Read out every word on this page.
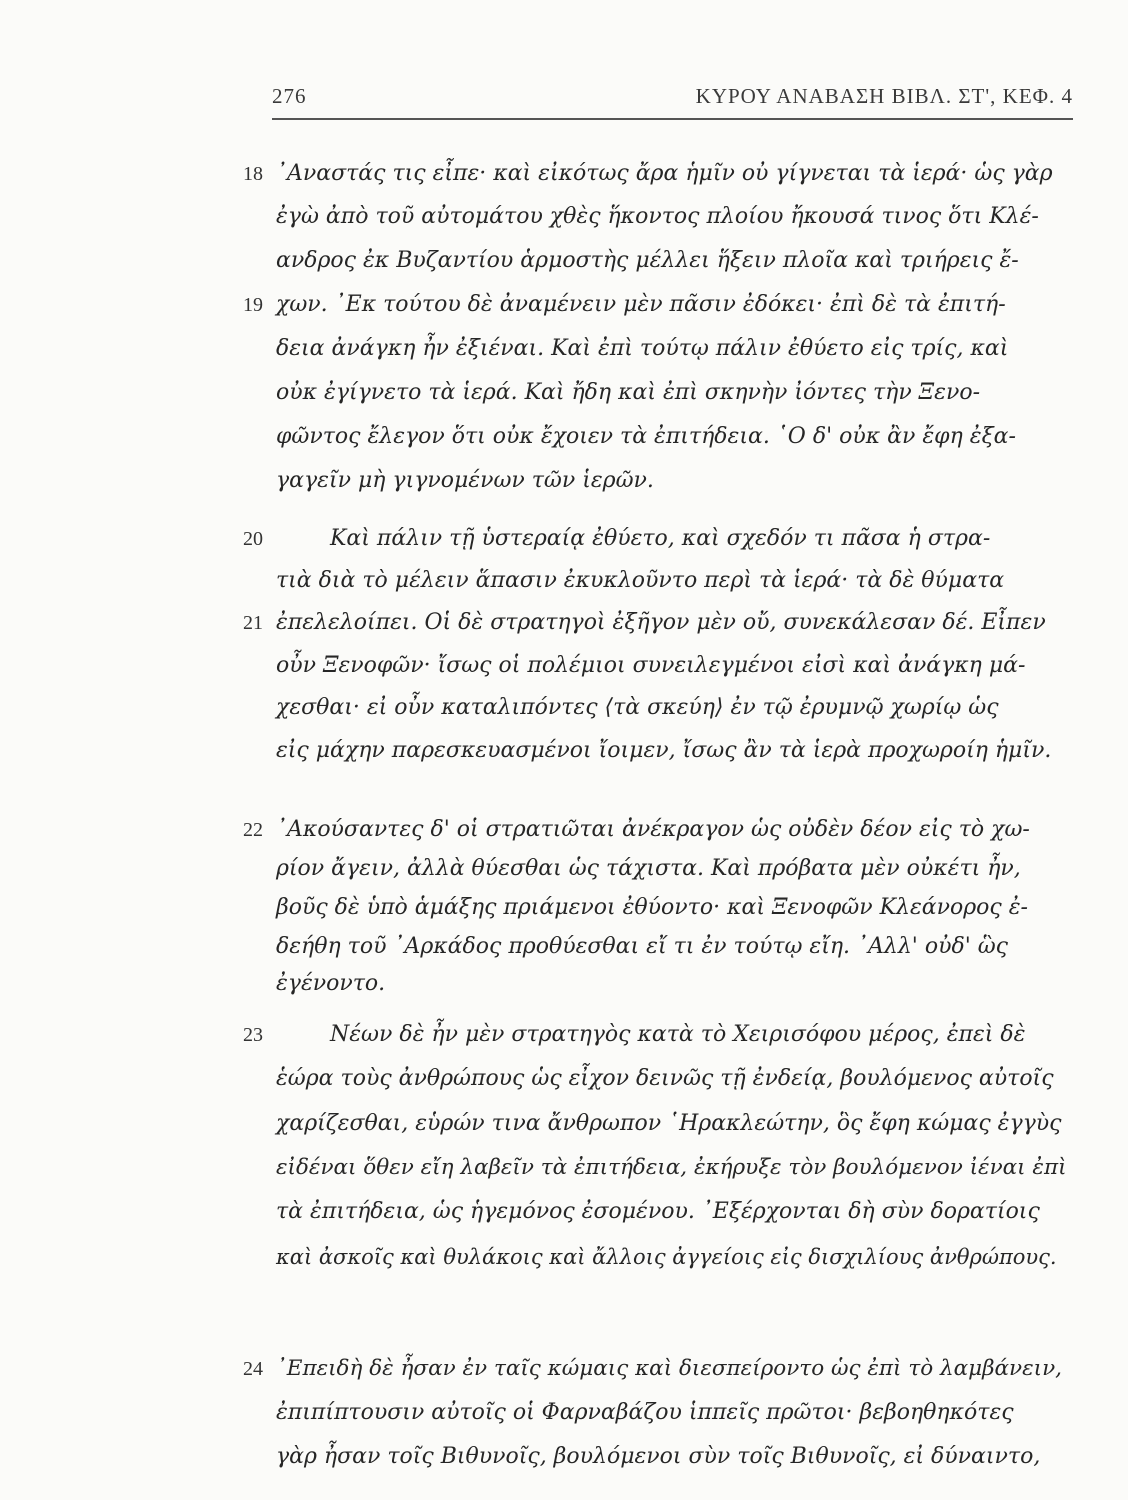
276	ΚΥΡΟΥ ΑΝΑΒΑΣΗ ΒΙΒΛ. ΣΤ', ΚΕΦ. 4
18
19
20
21
22
23
24
᾿Αναστάς τις εἶπε· καὶ εἰκότως ἄρα ἡμῖν οὐ γίγνεται τὰ ἱερά· ὡς γὰρ
ἐγὼ ἀπὸ τοῦ αὐτομάτου χθὲς ἥκοντος πλοίου ἤκουσά τινος ὅτι Κλέ-
ανδρος ἐκ Βυζαντίου ἁρμοστὴς μέλλει ἥξειν πλοῖα καὶ τριήρεις ἔ-
χων. ᾿Εκ τούτου δὲ ἀναμένειν μὲν πᾶσιν ἐδόκει· ἐπὶ δὲ τὰ ἐπιτή-
δεια ἀνάγκη ἦν ἐξιέναι. Καὶ ἐπὶ τούτῳ πάλιν ἐθύετο εἰς τρίς, καὶ
οὐκ ἐγίγνετο τὰ ἱερά. Καὶ ἤδη καὶ ἐπὶ σκηνὴν ἰόντες τὴν Ξενο-
φῶντος ἔλεγον ὅτι οὐκ ἔχοιεν τὰ ἐπιτήδεια. ῾Ο δ' οὐκ ἂν ἔφη ἐξα-
γαγεῖν μὴ γιγνομένων τῶν ἱερῶν.
Καὶ πάλιν τῇ ὑστεραίᾳ ἐθύετο, καὶ σχεδόν τι πᾶσα ἡ στρα-
τιὰ διὰ τὸ μέλειν ἅπασιν ἐκυκλοῦντο περὶ τὰ ἱερά· τὰ δὲ θύματα
ἐπελελοίπει. Οἱ δὲ στρατηγοὶ ἐξῆγον μὲν οὔ, συνεκάλεσαν δέ. Εἶπεν
οὖν Ξενοφῶν· ἴσως οἱ πολέμιοι συνειλεγμένοι εἰσὶ καὶ ἀνάγκη μά-
χεσθαι· εἰ οὖν καταλιπόντες ⟨τὰ σκεύη⟩ ἐν τῷ ἐρυμνῷ χωρίῳ ὡς
εἰς μάχην παρεσκευασμένοι ἴοιμεν, ἴσως ἂν τὰ ἱερὰ προχωροίη ἡμῖν.
᾿Ακούσαντες δ' οἱ στρατιῶται ἀνέκραγον ὡς οὐδὲν δέον εἰς τὸ χω-
ρίον ἄγειν, ἀλλὰ θύεσθαι ὡς τάχιστα. Καὶ πρόβατα μὲν οὐκέτι ἦν,
βοῦς δὲ ὑπὸ ἁμάξης πριάμενοι ἐθύοντο· καὶ Ξενοφῶν Κλεάνορος ἐ-
δεήθη τοῦ ᾿Αρκάδος προθύεσθαι εἴ τι ἐν τούτῳ εἴη. ᾿Αλλ' οὐδ' ὣς
ἐγένοντο.
Νέων δὲ ἦν μὲν στρατηγὸς κατὰ τὸ Χειρισόφου μέρος, ἐπεὶ δὲ
ἑώρα τοὺς ἀνθρώπους ὡς εἶχον δεινῶς τῇ ἐνδείᾳ, βουλόμενος αὐτοῖς
χαρίζεσθαι, εὑρών τινα ἄνθρωπον ῾Ηρακλεώτην, ὃς ἔφη κώμας ἐγγὺς
εἰδέναι ὅθεν εἴη λαβεῖν τὰ ἐπιτήδεια, ἐκήρυξε τὸν βουλόμενον ἰέναι ἐπὶ
τὰ ἐπιτήδεια, ὡς ἡγεμόνος ἐσομένου. ᾿Εξέρχονται δὴ σὺν δορατίοις
καὶ ἀσκοῖς καὶ θυλάκοις καὶ ἄλλοις ἀγγείοις εἰς δισχιλίους ἀνθρώπους.
᾿Επειδὴ δὲ ἦσαν ἐν ταῖς κώμαις καὶ διεσπείροντο ὡς ἐπὶ τὸ λαμβάνειν,
ἐπιπίπτουσιν αὐτοῖς οἱ Φαρναβάζου ἱππεῖς πρῶτοι· βεβοηθηκότες
γὰρ ἦσαν τοῖς Βιθυνοῖς, βουλόμενοι σὺν τοῖς Βιθυνοῖς, εἰ δύναιντο,
